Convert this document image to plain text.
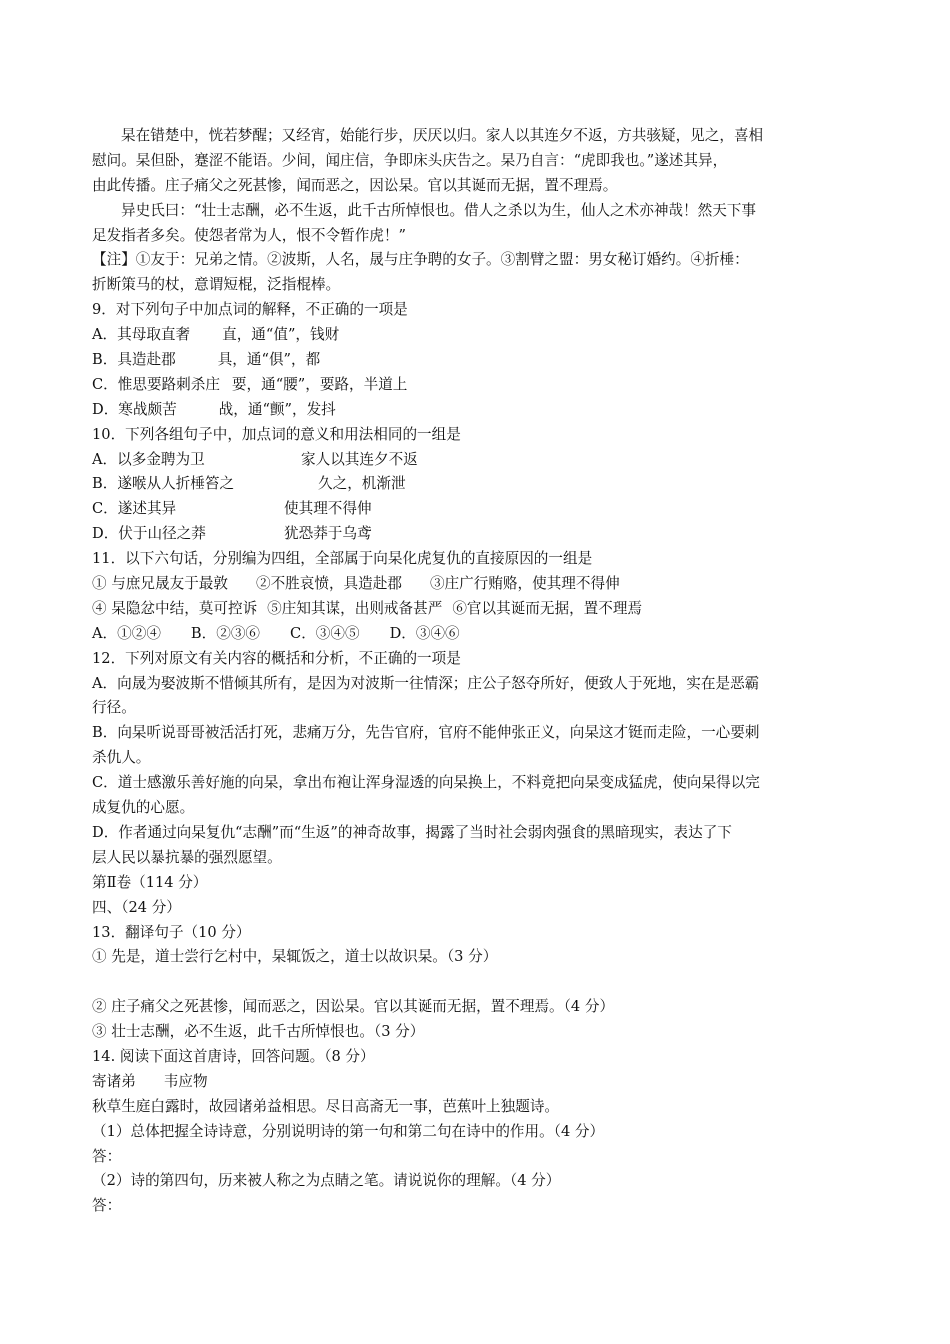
杲在错楚中，恍若梦醒；又经宵，始能行步，厌厌以归。家人以其连夕不返，方共骇疑，见之，喜相
慰问。杲但卧，蹇涩不能语。少间，闻庄信，争即床头庆告之。杲乃自言：“虎即我也。”遂述其异，
由此传播。庄子痛父之死甚惨，闻而恶之，因讼杲。官以其诞而无据，置不理焉。
异史氏曰：“壮士志酬，必不生返，此千古所悼恨也。借人之杀以为生，仙人之术亦神哉！然天下事
足发指者多矣。使怨者常为人，恨不令暂作虎！”
【注】①友于：兄弟之情。②波斯，人名，晟与庄争聘的女子。③割臂之盟：男女秘订婚约。④折棰：
折断策马的杖，意谓短棍，泛指棍棒。
9．对下列句子中加点词的解释，不正确的一项是
A．其母取直奢 直，通“值”，钱财
B．具造赴郡	具，通“俱”，都
C．惟思要路刺杀庄 要，通“腰”，要路，半道上
D．寒战颇苦	战，通“颤”，发抖
10．下列各组句子中，加点词的意义和用法相同的一组是
A．以多金聘为卫	家人以其连夕不返
B．遂喉从人折棰笞之	久之，机渐泄
C．遂述其异	使其理不得伸
D．伏于山径之莽	犹恐莽于乌鸢
11．以下六句话，分别编为四组，全部属于向杲化虎复仇的直接原因的一组是
① 与庶兄晟友于最敦 ②不胜哀愤，具造赴郡 ③庄广行贿赂，使其理不得伸
④ 杲隐忿中结，莫可控诉 ⑤庄知其谋，出则戒备甚严 ⑥官以其诞而无据，置不理焉
A．①②④ B．②③⑥ C．③④⑤ D．③④⑥
12．下列对原文有关内容的概括和分析，不正确的一项是
A．向晟为娶波斯不惜倾其所有，是因为对波斯一往情深；庄公子怒夺所好，便致人于死地，实在是恶霸
行径。
B．向杲听说哥哥被活活打死，悲痛万分，先告官府，官府不能伸张正义，向杲这才铤而走险，一心要刺
杀仇人。
C．道士感激乐善好施的向杲，拿出布袍让浑身湿透的向杲换上，不料竟把向杲变成猛虎，使向杲得以完
成复仇的心愿。
D．作者通过向杲复仇“志酬”而“生返”的神奇故事，揭露了当时社会弱肉强食的黑暗现实，表达了下
层人民以暴抗暴的强烈愿望。
第Ⅱ卷（114 分）
四、（24 分）
13．翻译句子（10 分）
① 先是，道士尝行乞村中，杲辄饭之，道士以故识杲。（3 分）
② 庄子痛父之死甚惨，闻而恶之，因讼杲。官以其诞而无据，置不理焉。（4 分）
③ 壮士志酬，必不生返，此千古所悼恨也。（3 分）
14. 阅读下面这首唐诗，回答问题。（8 分）
寄诸弟 韦应物
秋草生庭白露时，故园诸弟益相思。尽日高斋无一事，芭蕉叶上独题诗。
（1）总体把握全诗诗意，分别说明诗的第一句和第二句在诗中的作用。（4 分）
答：
（2）诗的第四句，历来被人称之为点睛之笔。请说说你的理解。（4 分）
答：
